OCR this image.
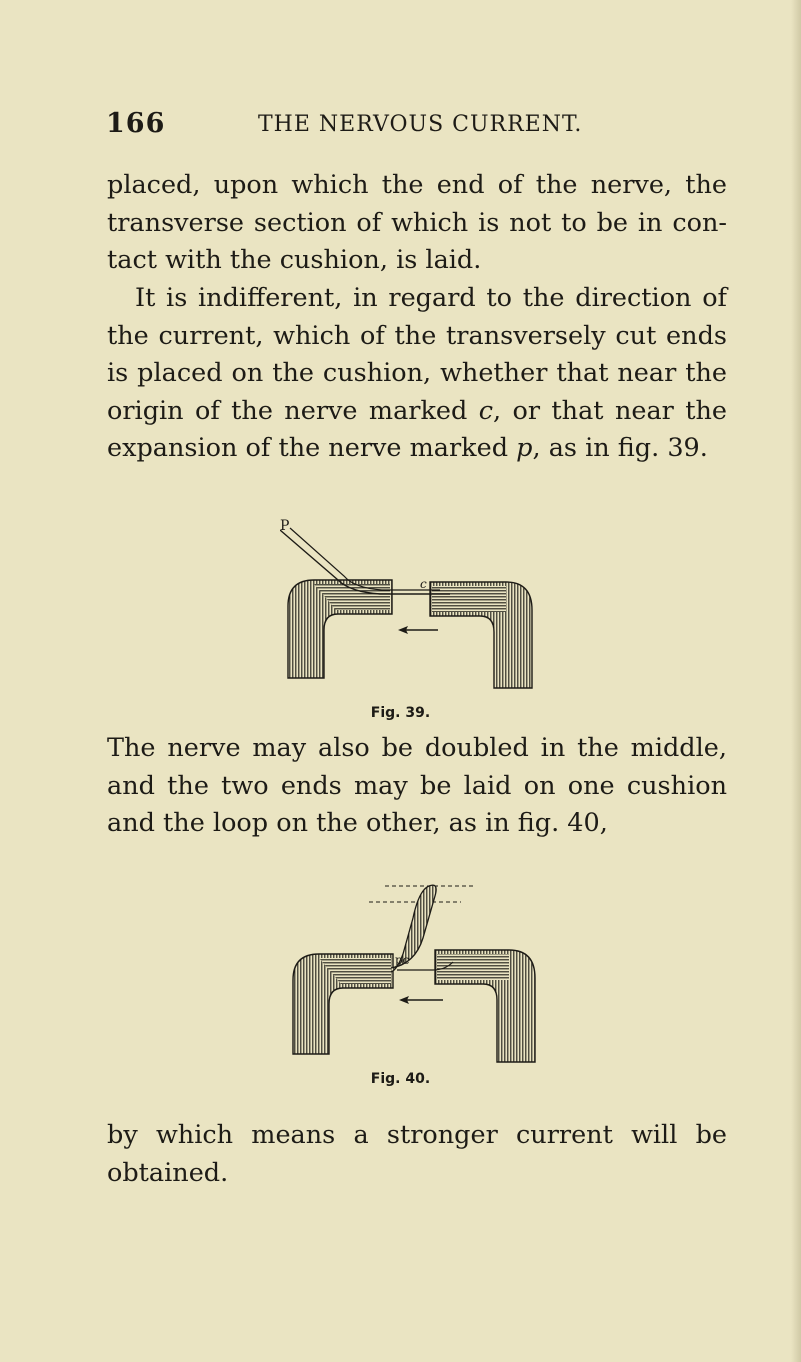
166	THE NERVOUS CURRENT.

placed, upon which the end of the nerve, the transverse section of which is not to be in con- tact with the cushion, is laid.

It is indifferent, in regard to the direction of the current, which of the transversely cut ends is placed on the cushion, whether that near the origin of the nerve marked c, or that near the expansion of the nerve marked p, as in fig. 39.

P
c
Fig. 39.

The nerve may also be doubled in the middle, and the two ends may be laid on one cushion and the loop on the other, as in fig. 40,

pc
Fig. 40.

by which means a stronger current will be obtained.
